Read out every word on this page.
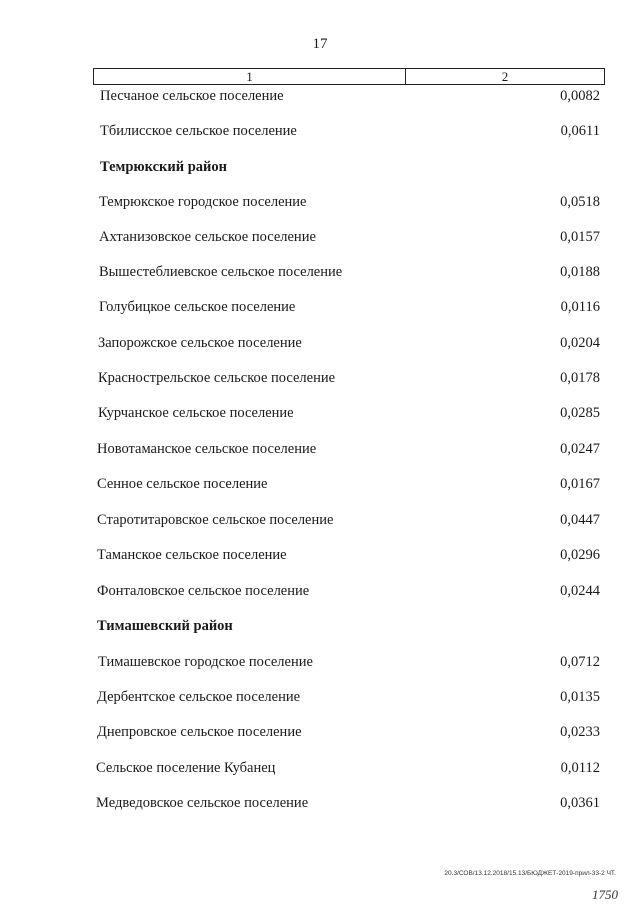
17
1	2
Песчаное сельское поселение	0,0082
Тбилисское сельское поселение	0,0611
Темрюкский район
Темрюкское городское поселение	0,0518
Ахтанизовское сельское поселение	0,0157
Вышестеблиевское сельское поселение	0,0188
Голубицкое сельское поселение	0,0116
Запорожское сельское поселение	0,0204
Краснострельское сельское поселение	0,0178
Курчанское сельское поселение	0,0285
Новотаманское сельское поселение	0,0247
Сенное сельское поселение	0,0167
Старотитаровское сельское поселение	0,0447
Таманское сельское поселение	0,0296
Фонталовское сельское поселение	0,0244
Тимашевский район
Тимашевское городское поселение	0,0712
Дербентское сельское поселение	0,0135
Днепровское сельское поселение	0,0233
Сельское поселение Кубанец	0,0112
Медведовское сельское поселение	0,0361
20.3/СОВ/13.12.2018/15.13/БЮДЖЕТ-2019-прил-33-2 ЧТ.
1750
